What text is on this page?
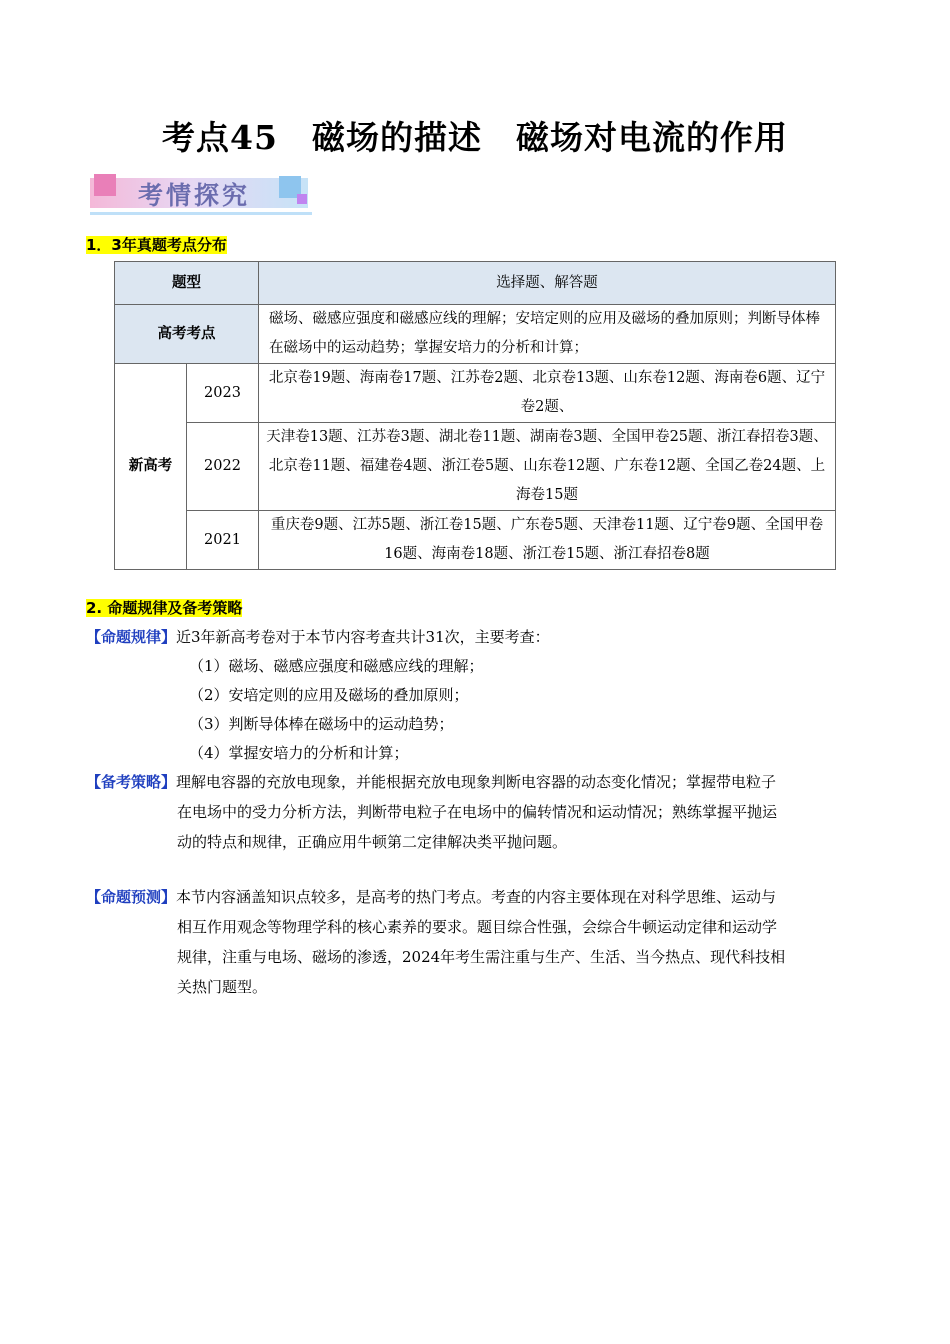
考点45　磁场的描述　磁场对电流的作用
考情探究
1．3年真题考点分布
题型		选择题、解答题
高考考点		磁场、磁感应强度和磁感应线的理解；安培定则的应用及磁场的叠加原则；判断导体棒在磁场中的运动趋势；掌握安培力的分析和计算；
新高考	2023	北京卷19题、海南卷17题、江苏卷2题、北京卷13题、山东卷12题、海南卷6题、辽宁卷2题、
	2022	天津卷13题、江苏卷3题、湖北卷11题、湖南卷3题、全国甲卷25题、浙江春招卷3题、北京卷11题、福建卷4题、浙江卷5题、山东卷12题、广东卷12题、全国乙卷24题、上海卷15题
	2021	重庆卷9题、江苏5题、浙江卷15题、广东卷5题、天津卷11题、辽宁卷9题、全国甲卷16题、海南卷18题、浙江卷15题、浙江春招卷8题
2. 命题规律及备考策略
【命题规律】近3年新高考卷对于本节内容考查共计31次，主要考查：
（1）磁场、磁感应强度和磁感应线的理解；
（2）安培定则的应用及磁场的叠加原则；
（3）判断导体棒在磁场中的运动趋势；
（4）掌握安培力的分析和计算；
【备考策略】理解电容器的充放电现象，并能根据充放电现象判断电容器的动态变化情况；掌握带电粒子
在电场中的受力分析方法，判断带电粒子在电场中的偏转情况和运动情况；熟练掌握平抛运
动的特点和规律，正确应用牛顿第二定律解决类平抛问题。
【命题预测】本节内容涵盖知识点较多，是高考的热门考点。考查的内容主要体现在对科学思维、运动与
相互作用观念等物理学科的核心素养的要求。题目综合性强，会综合牛顿运动定律和运动学
规律，注重与电场、磁场的渗透，2024年考生需注重与生产、生活、当今热点、现代科技相
关热门题型。
